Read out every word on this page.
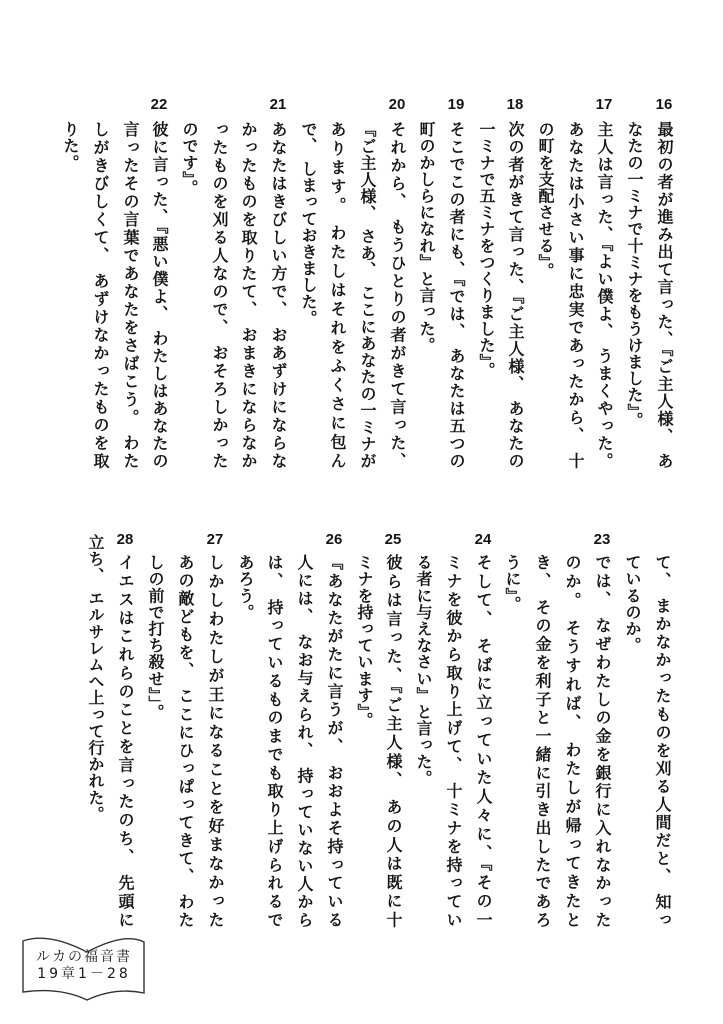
16
最初の者が進み出て言った、『ご主人様、 あ
なたの一ミナで十ミナをもうけました』。
17
主人は言った、『よい僕よ、 うまくやった。
あなたは小さい事に忠実であったから、 十
の町を支配させる』。
18
次の者がきて言った、『ご主人様、 あなたの
一ミナで五ミナをつくりました』。
19
そこでこの者にも、『では、 あなたは五つの
町のかしらになれ』と言った。
20
それから、 もうひとりの者がきて言った、
『ご主人様、 さあ、 ここにあなたの一ミナが
あります。 わたしはそれをふくさに包ん
で、 しまっておきました。
21
あなたはきびしい方で、 おあずけにならな
かったものを取りたて、 おまきにならなか
ったものを刈る人なので、 おそろしかった
のです』。
22
彼に言った、『悪い僕よ、 わたしはあなたの
言ったその言葉であなたをさばこう。 わた
しがきびしくて、 あずけなかったものを取
りた。
て、 まかなかったものを刈る人間だと、 知っ
ているのか。
23
では、 なぜわたしの金を銀行に入れなかった
のか。 そうすれば、 わたしが帰ってきたと
き、 その金を利子と一緒に引き出したであろ
うに』。
24
そして、 そばに立っていた人々に、『その一
ミナを彼から取り上げて、 十ミナを持ってい
る者に与えなさい』と言った。
25
彼らは言った、『ご主人様、 あの人は既に十
ミナを持っています』。
26
『あなたがたに言うが、 おおよそ持っている
人には、 なお与えられ、 持っていない人から
は、 持っているものまでも取り上げられるで
あろう。
27
しかしわたしが王になることを好まなかった
あの敵どもを、 ここにひっぱってきて、 わた
しの前で打ち殺せ』」。
28
イエスはこれらのことを言ったのち、 先頭に
立ち、 エルサレムへ上って行かれた。
ルカの福音書
19章1－28
